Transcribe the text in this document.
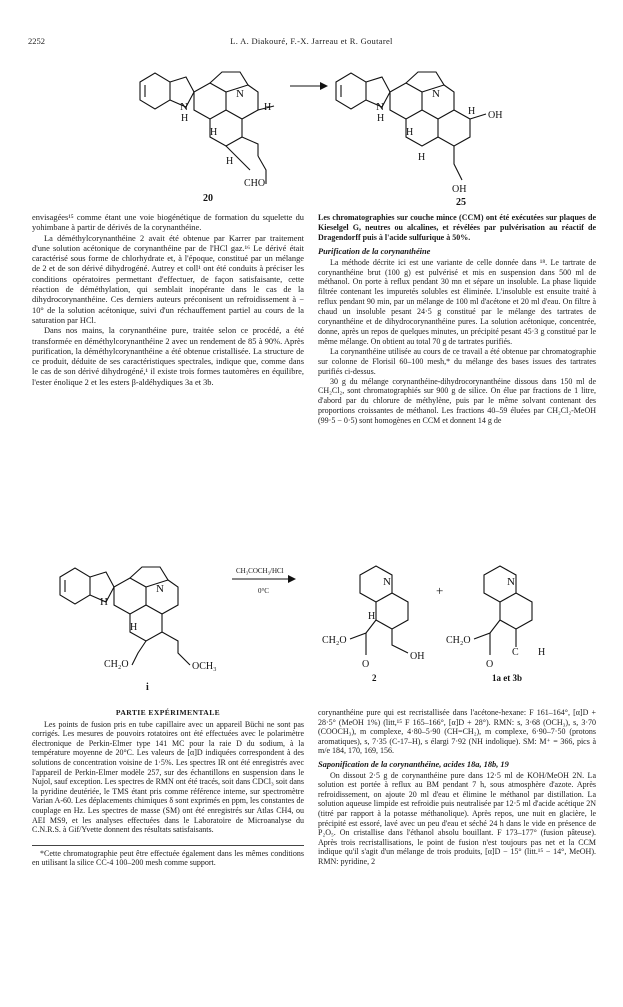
2252	L. A. Diakouré, F.-X. Jarreau et R. Goutarel
N
H
N
H
H
H
CHO
20
N
H
N
H
H
H OH
OH
25

envisagées¹⁵ comme étant une voie biogénétique de formation du squelette du yohimbane à partir de dérivés de la corynanthéine.

La déméthylcorynanthéine 2 avait été obtenue par Karrer par traitement d'une solution acétonique de corynanthéine par de l'HCl gaz.¹⁶ Le dérivé était caractérisé sous forme de chlorhydrate et, à l'époque, constitué par un mélange de 2 et de son dérivé dihydrogéné. Autrey et coll¹ ont été conduits à préciser les conditions opératoires permettant d'effectuer, de façon satisfaisante, cette réaction de déméthylation, qui semblait inopérante dans le cas de la dihydrocorynanthéine. Ces derniers auteurs préconisent un refroidissement à − 10° de la solution acétonique, suivi d'un réchauffement partiel au cours de la saturation par HCl.

Dans nos mains, la corynanthéine pure, traitée selon ce procédé, a été transformée en déméthylcorynanthéine 2 avec un rendement de 85 à 90%. Après purification, la déméthylcorynanthéine a été obtenue cristallisée. La structure de ce produit, déduite de ses caractéristiques spectrales, indique que, comme dans le cas de son dérivé dihydrogéné,¹ il existe trois formes tautomères en équilibre, l'ester énolique 2 et les esters β-aldéhydiques 3a et 3b.

Les chromatographies sur couche mince (CCM) ont été exécutées sur plaques de Kieselgel G, neutres ou alcalines, et révélées par pulvérisation au réactif de Dragendorff puis à l'acide sulfurique à 50%.

Purification de la corynanthéine

La méthode décrite ici est une variante de celle donnée dans ¹⁸. Le tartrate de corynanthéine brut (100 g) est pulvérisé et mis en suspension dans 500 ml de méthanol. On porte à reflux pendant 30 mn et sépare un insoluble. La phase liquide filtrée contenant les impuretés solubles est éliminée. L'insoluble est ensuite traité à reflux pendant 90 min, par un mélange de 100 ml d'acétone et 20 ml d'eau. On filtre à chaud un insoluble pesant 24·5 g constitué par le mélange des tartrates de corynanthéine et de dihydrocorynanthéine pures. La solution acétonique, concentrée, donne, après un repos de quelques minutes, un précipité pesant 45·3 g constitué par le même mélange. On obtient au total 70 g de tartrates purifiés.

La corynanthéine utilisée au cours de ce travail a été obtenue par chromatographie sur colonne de Florisil 60–100 mesh,* du mélange des bases issues des tartrates purifiés ci-dessus.

30 g du mélange corynanthéine-dihydrocorynanthéine dissous dans 150 ml de CH₂Cl₂, sont chromatographiés sur 900 g de silice. On élue par fractions de 1 litre, d'abord par du chlorure de méthylène, puis par le même solvant contenant des proportions croissantes de méthanol. Les fractions 40–59 éluées par CH₂Cl₂-MeOH (99·5 − 0·5) sont homogènes en CCM et donnent 14 g de

H
N
H
CH₂O	OCH₃
CH₃COCH₃/HCl
0°C
N
H
CH₂O
OH
O
2
+
N
CH₂O
C H
O
1a et 3b
i
PARTIE EXPÉRIMENTALE

Les points de fusion pris en tube capillaire avec un appareil Büchi ne sont pas corrigés. Les mesures de pouvoirs rotatoires ont été effectuées avec le polarimètre électronique de Perkin-Elmer type 141 MC pour la raie D du sodium, à la température moyenne de 20°C. Les valeurs de [α]D indiquées correspondent à des solutions de concentration voisine de 1·5%. Les spectres IR ont été enregistrés avec l'appareil de Perkin-Elmer modèle 257, sur des échantillons en suspension dans le Nujol, sauf exception. Les spectres de RMN ont été tracés, soit dans CDCl₃ soit dans la pyridine deutériée, le TMS étant pris comme référence interne, sur spectromètre Varian A-60. Les déplacements chimiques δ sont exprimés en ppm, les constantes de couplage en Hz. Les spectres de masse (SM) ont été enregistrés sur Atlas CH4, ou AEI MS9, et les analyses effectuées dans le Laboratoire de Microanalyse du C.N.R.S. à Gif/Yvette donnent des résultats satisfaisants.

*Cette chromatographie peut être effectuée également dans les mêmes conditions en utilisant la silice CC-4 100–200 mesh comme support.

corynanthéine pure qui est recristallisée dans l'acétone-hexane: F 161–164°, [α]D + 28·5° (MeOH 1%) (litt,¹⁵ F 165–166°, [α]D + 28°). RMN: s, 3·68 (OCH₃), s, 3·70 (COOCH₃), m complexe, 4·80–5·90 (CH=CH₂), m complexe, 6·90–7·50 (protons aromatiques), s, 7·35 (C-17–H), s élargi 7·92 (NH indolique). SM: M⁺ = 366, pics à m/e 184, 170, 169, 156.

Saponification de la corynanthéine, acides 18a, 18b, 19

On dissout 2·5 g de corynanthéine pure dans 12·5 ml de KOH/MeOH 2N. La solution est portée à reflux au BM pendant 7 h, sous atmosphère d'azote. Après refroidissement, on ajoute 20 ml d'eau et élimine le méthanol par distillation. La solution aqueuse limpide est refroidie puis neutralisée par 12·5 ml d'acide acétique 2N (titré par rapport à la potasse méthanolique). Après repos, une nuit en glacière, le précipité est essoré, lavé avec un peu d'eau et séché 24 h dans le vide en présence de P₂O₅. On cristallise dans l'éthanol absolu bouillant. F 173–177° (fusion pâteuse). Après trois recristallisations, le point de fusion n'est toujours pas net et la CCM indique qu'il s'agit d'un mélange de trois produits, [α]D − 15° (litt.¹⁵ − 14°, MeOH). RMN: pyridine, 2
